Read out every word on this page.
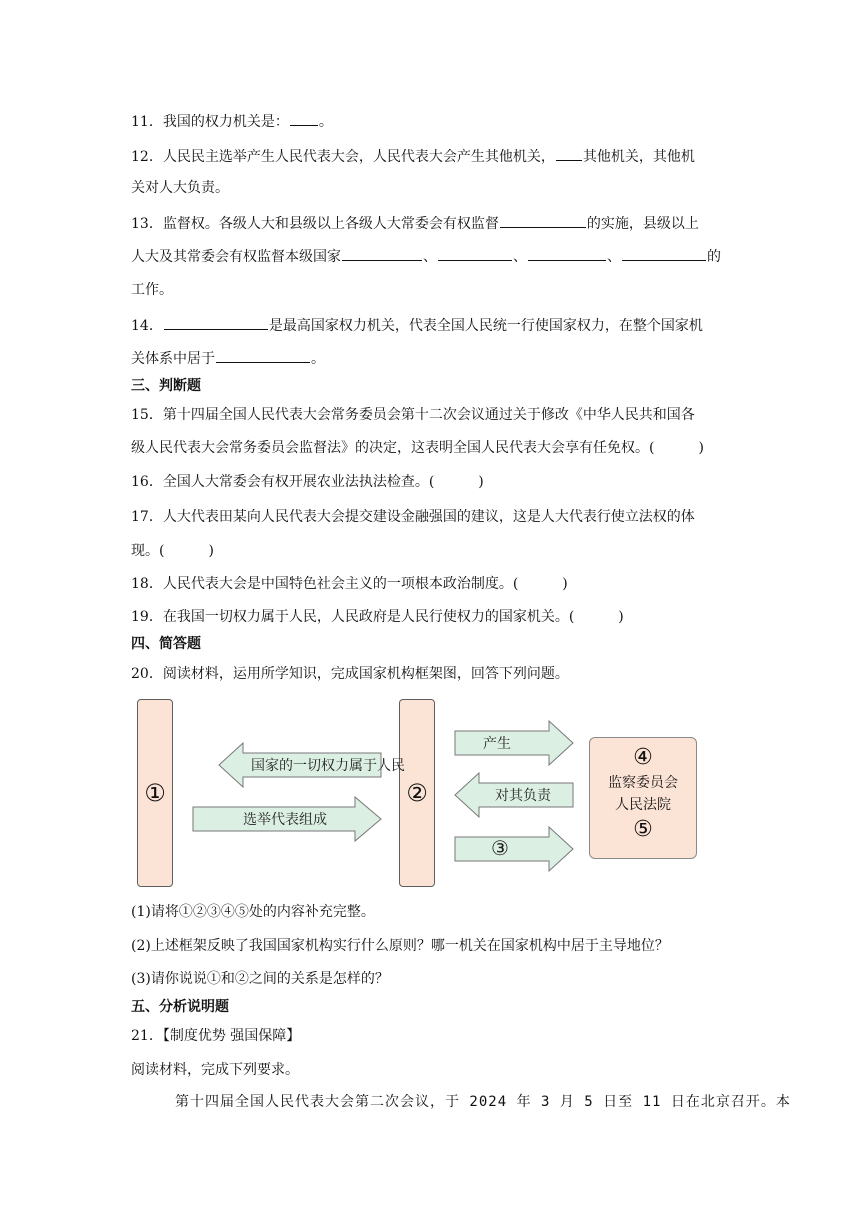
11．我国的权力机关是： 。
12．人民民主选举产生人民代表大会，人民代表大会产生其他机关， 其他机关，其他机
关对人大负责。
13．监督权。各级人大和县级以上各级人大常委会有权监督	的实施，县级以上
人大及其常委会有权监督本级国家	、	、	、	的
工作。
14．	是最高国家权力机关，代表全国人民统一行使国家权力，在整个国家机
关体系中居于	。
三、判断题
15．第十四届全国人民代表大会常务委员会第十二次会议通过关于修改《中华人民共和国各
级人民代表大会常务委员会监督法》的决定，这表明全国人民代表大会享有任免权。(	)
16．全国人大常委会有权开展农业法执法检查。(	)
17．人大代表田某向人民代表大会提交建设金融强国的建议，这是人大代表行使立法权的体
现。(	)
18．人民代表大会是中国特色社会主义的一项根本政治制度。(	)
19．在我国一切权力属于人民，人民政府是人民行使权力的国家机关。(	)
四、简答题
20．阅读材料，运用所学知识，完成国家机构框架图，回答下列问题。
①	②
国家的一切权力属于人民
选举代表组成
产生
对其负责
③
④
监察委员会
人民法院
⑤
(1)请将①②③④⑤处的内容补充完整。
(2)上述框架反映了我国国家机构实行什么原则？哪一机关在国家机构中居于主导地位？
(3)请你说说①和②之间的关系是怎样的？
五、分析说明题
21．【制度优势 强国保障】
阅读材料，完成下列要求。
第十四届全国人民代表大会第二次会议，于 2024 年 3 月 5 日至 11 日在北京召开。本
